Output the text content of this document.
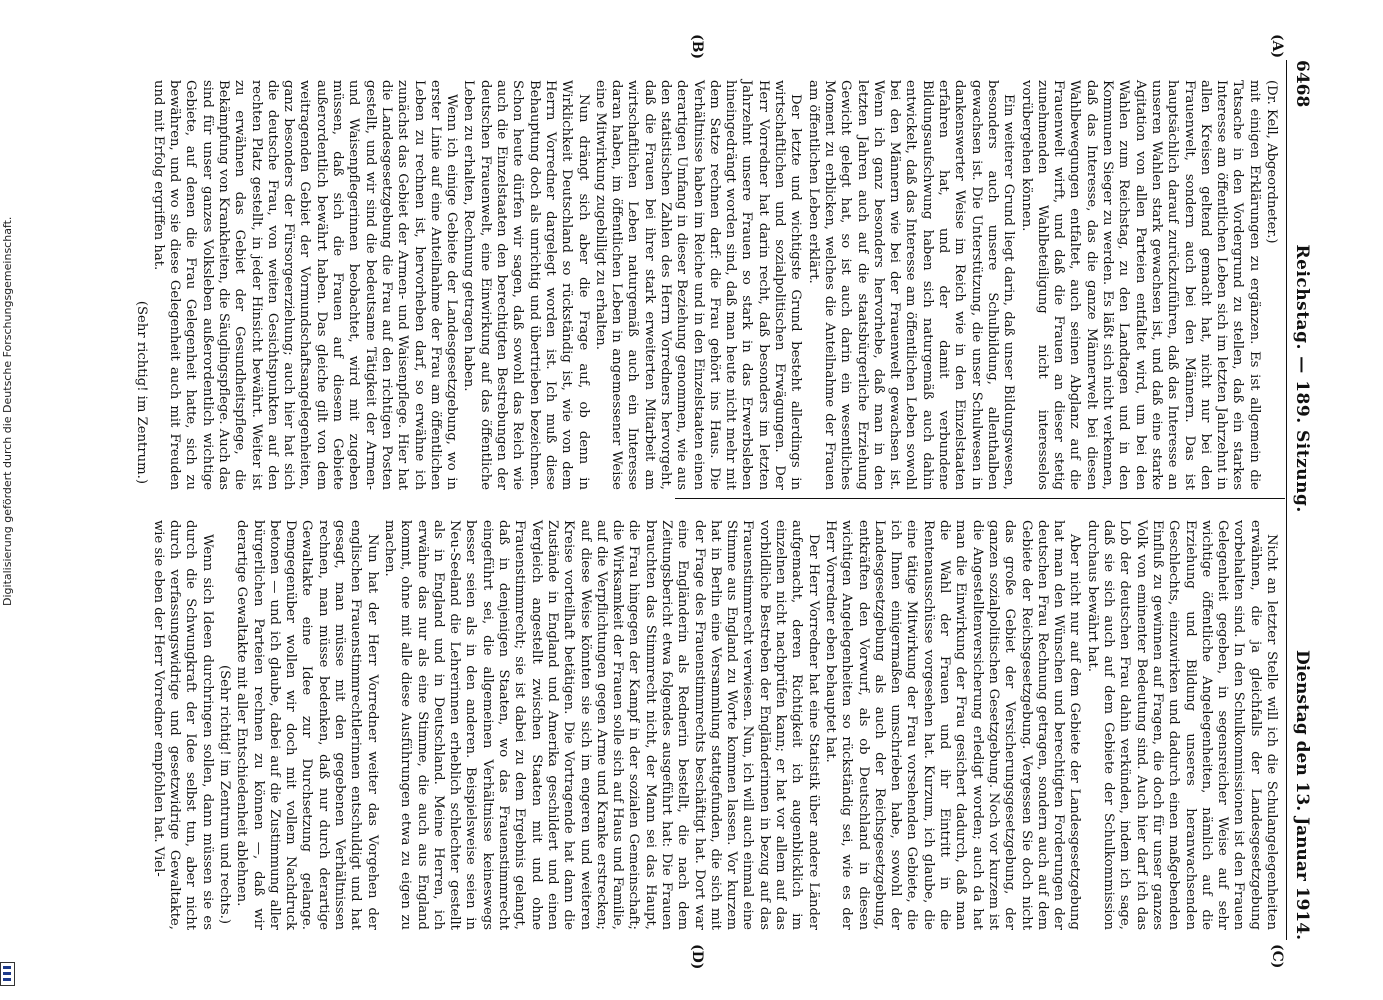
6468
Reichstag. — 189. Sitzung.
Dienstag den 13. Januar 1914.
(A)
(B)
(C)
(D)

(Dr. Kell, Abgeordneter.)

mit einigen Erklärungen zu ergänzen. Es ist allgemein die Tatsache in den Vordergrund zu stellen, daß ein starkes Interesse am öffentlichen Leben sich im letzten Jahrzehnt in allen Kreisen geltend gemacht hat, nicht nur bei den Frauenwelt, sondern auch bei den Männern. Das ist hauptsächlich darauf zurückzuführen, daß das Interesse an unseren Wahlen stark gewachsen ist, und daß eine starke Agitation von allen Parteien entfaltet wird, um bei den Wahlen zum Reichstag, zu den Landtagen und in den Kommunen Sieger zu werden. Es läßt sich nicht verkennen, daß das Interesse, das die ganze Männerwelt bei diesen Wahlbewegungen entfaltet, auch seinen Abglanz auf die Frauenwelt wirft, und daß die Frauen an dieser stetig zunehmenden Wahlbeteiligung nicht interesselos vorübergehen können.

Ein weiterer Grund liegt darin, daß unser Bildungswesen, besonders auch unsere Schulbildung, allenthalben gewachsen ist. Die Unterstützung, die unser Schulwesen in dankenswerter Weise im Reich wie in den Einzelstaaten erfahren hat, und der damit verbundene Bildungsaufschwung haben sich naturgemäß auch dahin entwickelt, daß das Interesse am öffentlichen Leben sowohl bei den Männern wie bei der Frauenwelt gewachsen ist. Wenn ich ganz besonders hervorhebe, daß man in den letzten Jahren auch auf die staatsbürgerliche Erziehung Gewicht gelegt hat, so ist auch darin ein wesentliches Moment zu erblicken, welches die Anteilnahme der Frauen am öffentlichen Leben erklärt.

Der letzte und wichtigste Grund besteht allerdings in wirtschaftlichen und sozialpolitischen Erwägungen. Der Herr Vorredner hat darin recht, daß besonders im letzten Jahrzehnt unsere Frauen so stark in das Erwerbsleben hineingedrängt worden sind, daß man heute nicht mehr mit dem Satze rechnen darf: die Frau gehört ins Haus. Die Verhältnisse haben im Reiche und in den Einzelstaaten einen derartigen Umfang in dieser Beziehung genommen, wie aus den statistischen Zahlen des Herrn Vorredners hervorgeht, daß die Frauen bei ihrer stark erweiterten Mitarbeit am wirtschaftlichen Leben naturgemäß auch ein Interesse daran haben, im öffentlichen Leben in angemessener Weise eine Mitwirkung zugebilligt zu erhalten.

Nun drängt sich aber die Frage auf, ob denn in Wirklichkeit Deutschland so rückständig ist, wie von dem Herrn Vorredner dargelegt worden ist. Ich muß diese Behauptung doch als unrichtig und übertrieben bezeichnen. Schon heute dürfen wir sagen, daß sowohl das Reich wie auch die Einzelstaaten den berechtigten Bestrebungen der deutschen Frauenwelt, eine Einwirkung auf das öffentliche Leben zu erhalten, Rechnung getragen haben.

Wenn ich einige Gebiete der Landesgesetzgebung, wo in erster Linie auf eine Anteilnahme der Frau am öffentlichen Leben zu rechnen ist, hervorheben darf, so erwähne ich zunächst das Gebiet der Armen- und Waisenpflege. Hier hat die Landesgesetzgebung die Frau auf den richtigen Posten gestellt, und wir sind die bedeutsame Tätigkeit der Armen- und Waisenpflegerinnen beobachtet, wird mit zugeben müssen, daß sich die Frauen auf diesem Gebiete außerordentlich bewährt haben. Das gleiche gilt von dem weitragenden Gebiet der Vormundschaftsangelegenheiten, ganz besonders der Fürsorgeerziehung; auch hier hat sich die deutsche Frau, von weiten Gesichtspunkten auf den rechten Platz gestellt, in jeder Hinsicht bewährt. Weiter ist zu erwähnen das Gebiet der Gesundheitspflege, die Bekämpfung von Krankheiten, die Säuglingspflege. Auch das sind für unser ganzes Volksleben außerordentlich wichtige Gebiete, auf denen die Frau Gelegenheit hatte, sich zu bewähren, und wo sie diese Gelegenheit auch mit Freuden und mit Erfolg ergriffen hat.

(Sehr richtig! im Zentrum.)

Nicht an letzter Stelle will ich die Schulangelegenheiten erwähnen, die ja gleichfalls der Landesgesetzgebung vorbehalten sind. In den Schulkommissionen ist den Frauen Gelegenheit gegeben, in segensreicher Weise auf sehr wichtige öffentliche Angelegenheiten, nämlich auf die Erziehung und Bildung unseres heranwachsenden Geschlechts, einzuwirken und dadurch einen maßgebenden Einfluß zu gewinnen auf Fragen, die doch für unser ganzes Volk von eminenter Bedeutung sind. Auch hier darf ich das Lob der deutschen Frau dahin verkünden, indem ich sage, daß sie sich auch auf dem Gebiete der Schulkommission durchaus bewährt hat.

Aber nicht nur auf dem Gebiete der Landesgesetzgebung hat man den Wünschen und berechtigten Forderungen der deutschen Frau Rechnung getragen, sondern auch auf dem Gebiete der Reichsgesetzgebung. Vergessen Sie doch nicht das große Gebiet der Versicherungsgesetzgebung, der ganzen sozialpolitischen Gesetzgebung. Noch vor kurzem ist die Angestelltenversicherung erledigt worden; auch da hat man die Einwirkung der Frau gesichert dadurch, daß man die Wahl der Frauen und ihr Eintritt in die Rentenausschüsse vorgesehen hat. Kurzum, ich glaube, die eine tätige Mitwirkung der Frau vorsehenden Gebiete, die ich Ihnen einigermaßen umschrieben habe, sowohl der Landesgesetzgebung als auch der Reichsgesetzgebung, entkräften den Vorwurf, als ob Deutschland in diesen wichtigen Angelegenheiten so rückständig sei, wie es der Herr Vorredner eben behauptet hat.

Der Herr Vorredner hat eine Statistik über andere Länder aufgemacht, deren Richtigkeit ich augenblicklich im einzelnen nicht nachprüfen kann; er hat vor allem auf das vorbildliche Bestreben der Engländerinnen in bezug auf das Frauenstimmrecht verwiesen. Nun, ich will auch einmal eine Stimme aus England zu Worte kommen lassen. Vor kurzem hat in Berlin eine Versammlung stattgefunden, die sich mit der Frage des Frauenstimmrechts beschäftigt hat. Dort war eine Engländerin als Rednerin bestellt, die nach dem Zeitungsbericht etwa folgendes ausgeführt hat: Die Frauen brauchten das Stimmrecht nicht, der Mann sei das Haupt, die Frau hingegen der Kampf in der sozialen Gemeinschaft; die Wirksamkeit der Frauen solle sich auf Haus und Familie, auf die Verpflichtungen gegen Arme und Kranke erstrecken; auf diese Weise könnten sie sich im engeren und weiteren Kreise vorteilhaft betätigen. Die Vortragende hat dann die Zustände in England und Amerika geschildert und einen Vergleich angestellt zwischen Staaten mit und ohne Frauenstimmrecht; sie ist dabei zu dem Ergebnis gelangt, daß in denjenigen Staaten, wo das Frauenstimmrecht eingeführt sei, die allgemeinen Verhältnisse keineswegs besser seien als in den anderen. Beispielsweise seien in Neu-Seeland die Lehrerinnen erheblich schlechter gestellt als in England und in Deutschland. Meine Herren, ich erwähne das nur als eine Stimme, die auch aus England kommt, ohne mit alle diese Ausführungen etwa zu eigen zu machen.

Nun hat der Herr Vorredner weiter das Vorgehen der englischen Frauenstimmrechtlerinnen entschuldigt und hat gesagt, man müsse mit den gegebenen Verhältnissen rechnen, man müsse bedenken, daß nur durch derartige Gewaltakte eine Idee zur Durchsetzung gelange. Demgegenüber wollen wir doch mit vollem Nachdruck betonen — und ich glaube, dabei auf die Zustimmung aller bürgerlichen Parteien rechnen zu können —, daß wir derartige Gewaltakte mit aller Entschiedenheit ablehnen.

(Sehr richtig! im Zentrum und rechts.)

Wenn sich Ideen durchringen sollen, dann müssen sie es durch die Schwungkraft der Idee selbst tun, aber nicht durch verfassungswidrige und gesetzwidrige Gewaltakte, wie sie eben der Herr Vorredner empfohlen hat. Viel-

Digitalisierung gefördert durch die Deutsche Forschungsgemeinschaft.
